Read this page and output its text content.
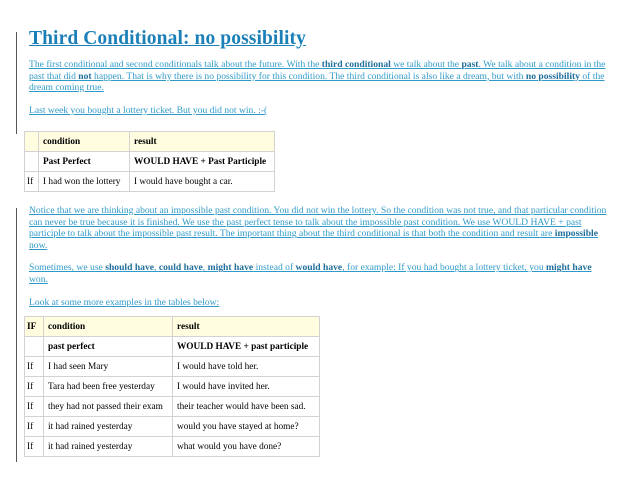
Third Conditional: no possibility

The first conditional and second conditionals talk about the future. With the third conditional we talk about the past. We talk about a condition in the past that did not happen. That is why there is no possibility for this condition. The third conditional is also like a dream, but with no possibility of the dream coming true.

Last week you bought a lottery ticket. But you did not win. :-(

	condition	result
	Past Perfect	WOULD HAVE + Past Participle
If	I had won the lottery	I would have bought a car.

Notice that we are thinking about an impossible past condition. You did not win the lottery. So the condition was not true, and that particular condition can never be true because it is finished. We use the past perfect tense to talk about the impossible past condition. We use WOULD HAVE + past participle to talk about the impossible past result. The important thing about the third conditional is that both the condition and result are impossible now.

Sometimes, we use should have, could have, might have instead of would have, for example: If you had bought a lottery ticket, you might have won.

Look at some more examples in the tables below:

IF	condition	result
	past perfect	WOULD HAVE + past participle
If	I had seen Mary	I would have told her.
If	Tara had been free yesterday	I would have invited her.
If	they had not passed their exam	their teacher would have been sad.
If	it had rained yesterday	would you have stayed at home?
If	it had rained yesterday	what would you have done?
